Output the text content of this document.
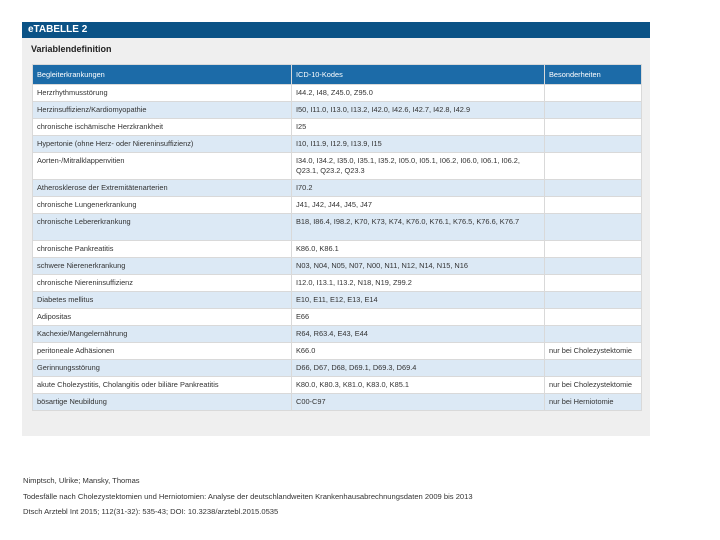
eTABELLE 2
Variablendefinition
Begleiterkrankungen	ICD-10-Kodes	Besonderheiten
Herzrhythmusstörung	I44.2, I48, Z45.0, Z95.0	
Herzinsuffizienz/Kardiomyopathie	I50, I11.0, I13.0, I13.2, I42.0, I42.6, I42.7, I42.8, I42.9	
chronische ischämische Herzkrankheit	I25	
Hypertonie (ohne Herz- oder Niereninsuffizienz)	I10, I11.9, I12.9, I13.9, I15	
Aorten-/Mitralklappenvitien	I34.0, I34.2, I35.0, I35.1, I35.2, I05.0, I05.1, I06.2, I06.0, I06.1, I06.2, Q23.1, Q23.2, Q23.3	
Atherosklerose der Extremitätenarterien	I70.2	
chronische Lungenerkrankung	J41, J42, J44, J45, J47	
chronische Lebererkrankung	B18, I86.4, I98.2, K70, K73, K74, K76.0, K76.1, K76.5, K76.6, K76.7	
chronische Pankreatitis	K86.0, K86.1	
schwere Nierenerkrankung	N03, N04, N05, N07, N00, N11, N12, N14, N15, N16	
chronische Niereninsuffizienz	I12.0, I13.1, I13.2, N18, N19, Z99.2	
Diabetes mellitus	E10, E11, E12, E13, E14	
Adipositas	E66	
Kachexie/Mangelernährung	R64, R63.4, E43, E44	
peritoneale Adhäsionen	K66.0	nur bei Cholezystektomie
Gerinnungsstörung	D66, D67, D68, D69.1, D69.3, D69.4	
akute Cholezystitis, Cholangitis oder biliäre Pankreatitis	K80.0, K80.3, K81.0, K83.0, K85.1	nur bei Cholezystektomie
bösartige Neubildung	C00-C97	nur bei Herniotomie
Nimptsch, Ulrike; Mansky, Thomas
Todesfälle nach Cholezystektomien und Herniotomien: Analyse der deutschlandweiten Krankenhausabrechnungsdaten 2009 bis 2013
Dtsch Arztebl Int 2015; 112(31-32): 535-43; DOI: 10.3238/arztebl.2015.0535
